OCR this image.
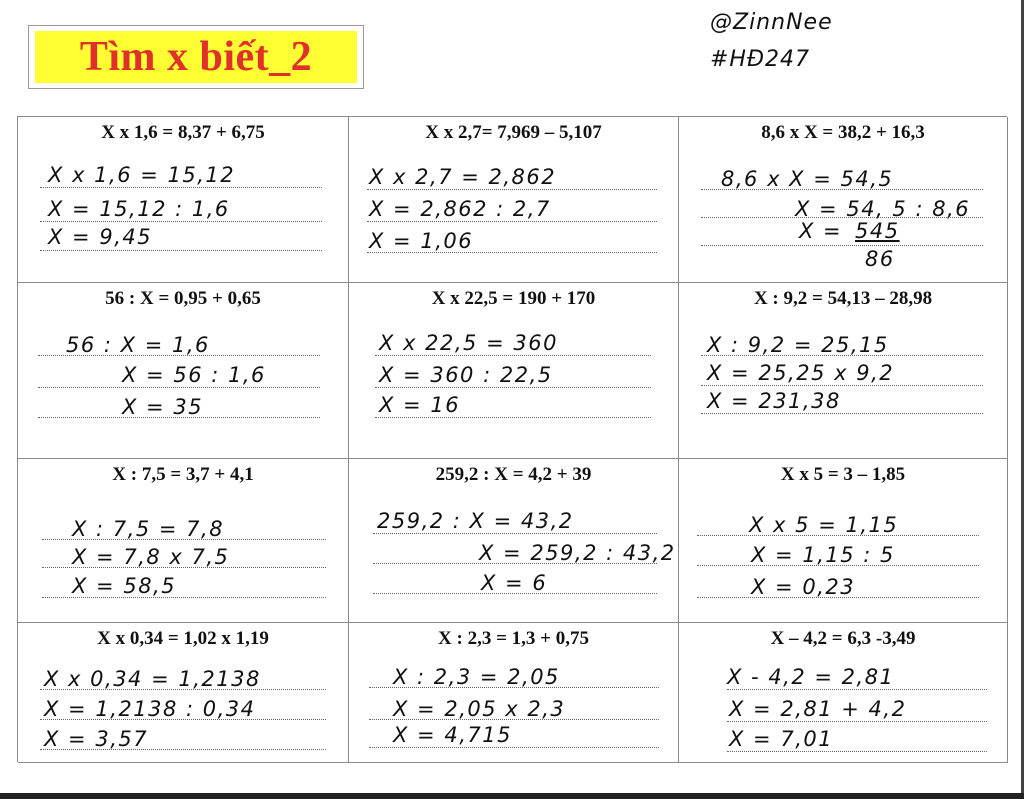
Tìm x biết_2
@ZinnNee
#HĐ247
X x 1,6 = 8,37 + 6,75
X x 1,6 = 15,12
X = 15,12 : 1,6
X = 9,45
X x 2,7= 7,969 – 5,107
X x 2,7 = 2,862
X = 2,862 : 2,7
X = 1,06
8,6 x X = 38,2 + 16,3
8,6 x X = 54,5
X = 54, 5 : 8,6
X = 545
86
56 : X = 0,95 + 0,65
56 : X = 1,6
X = 56 : 1,6
X = 35
X x 22,5 = 190 + 170
X x 22,5 = 360
X = 360 : 22,5
X = 16
X : 9,2 = 54,13 – 28,98
X : 9,2 = 25,15
X = 25,25 x 9,2
X = 231,38
X : 7,5 = 3,7 + 4,1
X : 7,5 = 7,8
X = 7,8 x 7,5
X = 58,5
259,2 : X = 4,2 + 39
259,2 : X = 43,2
X = 259,2 : 43,2
X = 6
X x 5 = 3 – 1,85
X x 5 = 1,15
X = 1,15 : 5
X = 0,23
X x 0,34 = 1,02 x 1,19
X x 0,34 = 1,2138
X = 1,2138 : 0,34
X = 3,57
X : 2,3 = 1,3 + 0,75
X : 2,3 = 2,05
X = 2,05 x 2,3
X = 4,715
X – 4,2 = 6,3 -3,49
X - 4,2 = 2,81
X = 2,81 + 4,2
X = 7,01
